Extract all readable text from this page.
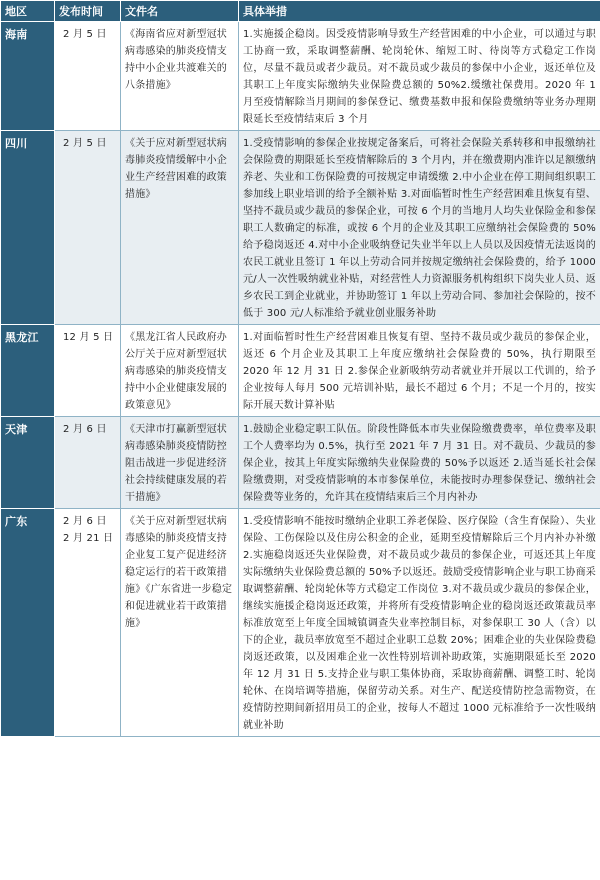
地区	发布时间	文件名	具体举措
海南	2 月 5 日	《海南省应对新型冠状病毒感染的肺炎疫情支持中小企业共渡难关的八条措施》	1.实施援企稳岗。因受疫情影响导致生产经营困难的中小企业，可以通过与职工协商一致，采取调整薪酬、轮岗轮休、缩短工时、待岗等方式稳定工作岗位，尽量不裁员或者少裁员。对不裁员或少裁员的参保中小企业，返还单位及其职工上年度实际缴纳失业保险费总额的 50%2.缓缴社保费用。2020 年 1 月至疫情解除当月期间的参保登记、缴费基数申报和保险费缴纳等业务办理期限延长至疫情结束后 3 个月
四川	2 月 5 日	《关于应对新型冠状病毒肺炎疫情缓解中小企业生产经营困难的政策措施》	1.受疫情影响的参保企业按规定备案后，可将社会保险关系转移和申报缴纳社会保险费的期限延长至疫情解除后的 3 个月内，并在缴费期内准许以足额缴纳养老、失业和工伤保险费的可按规定申请缓缴 2.中小企业在停工期间组织职工参加线上职业培训的给予全额补贴 3.对面临暂时性生产经营困难且恢复有望、坚持不裁员或少裁员的参保企业，可按 6 个月的当地月人均失业保险金和参保职工人数确定的标准，或按 6 个月的企业及其职工应缴纳社会保险费的 50%给予稳岗返还 4.对中小企业吸纳登记失业半年以上人员以及因疫情无法返岗的农民工就业且签订 1 年以上劳动合同并按规定缴纳社会保险费的，给予 1000 元/人一次性吸纳就业补贴，对经营性人力资源服务机构组织下岗失业人员、返乡农民工到企业就业，并协助签订 1 年以上劳动合同、参加社会保险的，按不低于 300 元/人标准给予就业创业服务补助
黑龙江	12 月 5 日	《黑龙江省人民政府办公厅关于应对新型冠状病毒感染的肺炎疫情支持中小企业健康发展的政策意见》	1.对面临暂时性生产经营困难且恢复有望、坚持不裁员或少裁员的参保企业，返还 6 个月企业及其职工上年度应缴纳社会保险费的 50%，执行期限至 2020 年 12 月 31 日 2.参保企业新吸纳劳动者就业并开展以工代训的，给予企业按每人每月 500 元培训补贴，最长不超过 6 个月；不足一个月的，按实际开展天数计算补贴
天津	2 月 6 日	《天津市打赢新型冠状病毒感染肺炎疫情防控阻击战进一步促进经济社会持续健康发展的若干措施》	1.鼓励企业稳定职工队伍。阶段性降低本市失业保险缴费费率，单位费率及职工个人费率均为 0.5%，执行至 2021 年 7 月 31 日。对不裁员、少裁员的参保企业，按其上年度实际缴纳失业保险费的 50%予以返还 2.适当延长社会保险缴费期，对受疫情影响的本市参保单位，未能按时办理参保登记、缴纳社会保险费等业务的，允许其在疫情结束后三个月内补办
广东	2 月 6 日 2 月 21 日	《关于应对新型冠状病毒感染的肺炎疫情支持企业复工复产促进经济稳定运行的若干政策措施》《广东省进一步稳定和促进就业若干政策措施》	1.受疫情影响不能按时缴纳企业职工养老保险、医疗保险（含生育保险）、失业保险、工伤保险以及住房公积金的企业，延期至疫情解除后三个月内补办补缴 2.实施稳岗返还失业保险费，对不裁员或少裁员的参保企业，可返还其上年度实际缴纳失业保险费总额的 50%予以返还。鼓励受疫情影响企业与职工协商采取调整薪酬、轮岗轮休等方式稳定工作岗位 3.对不裁员或少裁员的参保企业，继续实施援企稳岗返还政策，并将所有受疫情影响企业的稳岗返还政策裁员率标准放宽至上年度全国城镇调查失业率控制目标，对参保职工 30 人（含）以下的企业，裁员率放宽至不超过企业职工总数 20%；困难企业的失业保险费稳岗返还政策，以及困难企业一次性特别培训补助政策，实施期限延长至 2020 年 12 月 31 日 5.支持企业与职工集体协商，采取协商薪酬、调整工时、轮岗轮休、在岗培调等措施，保留劳动关系。对生产、配送疫情防控急需物资，在疫情防控期间新招用员工的企业，按每人不超过 1000 元标准给予一次性吸纳就业补助
